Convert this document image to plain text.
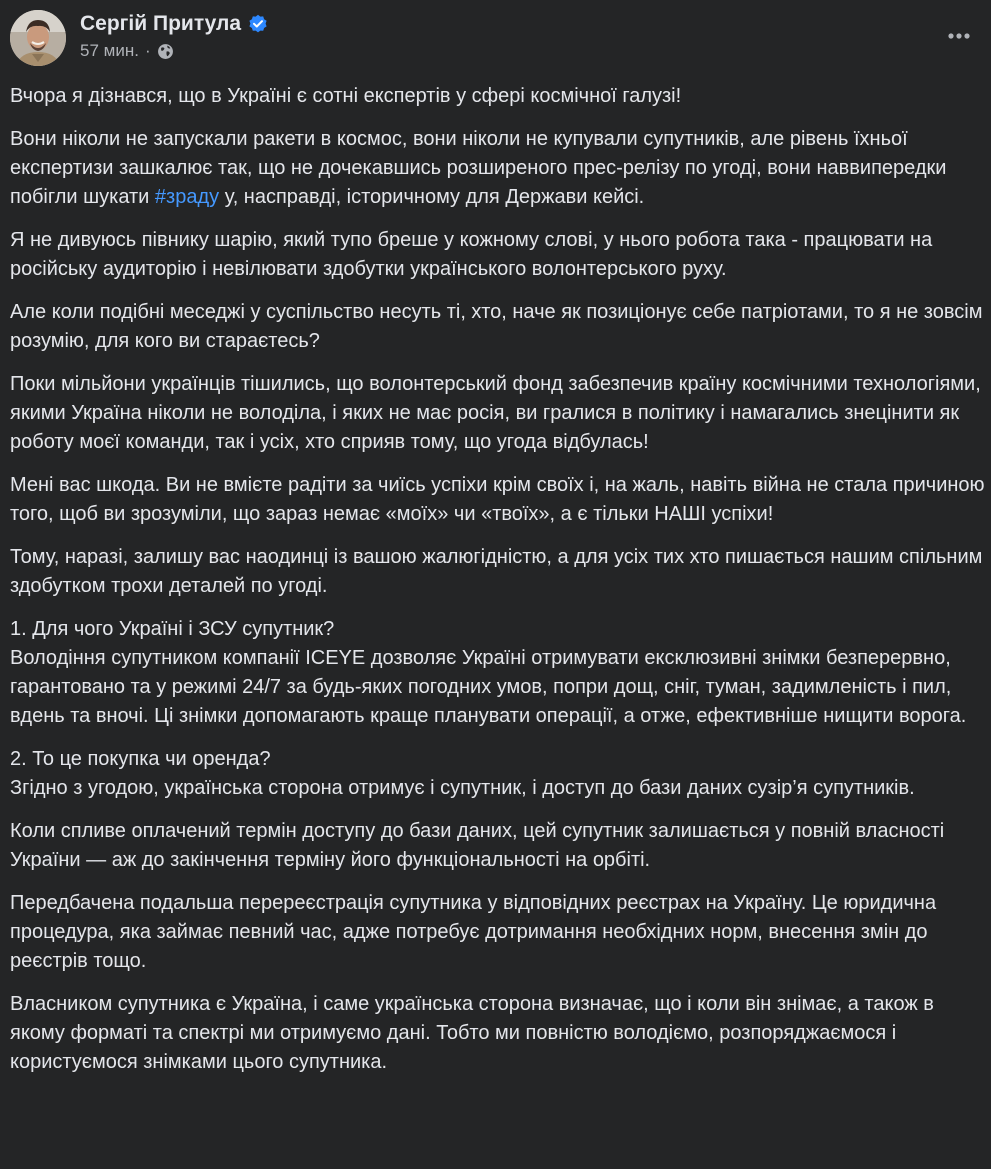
Сергій Притула
57 мин. ·

Вчора я дізнався, що в Україні є сотні експертів у сфері космічної галузі!

Вони ніколи не запускали ракети в космос, вони ніколи не купували супутників, але рівень їхньої експертизи зашкалює так, що не дочекавшись розширеного прес-релізу по угоді, вони наввипередки побігли шукати #зраду у, насправді, історичному для Держави кейсі.

Я не дивуюсь півнику шарію, який тупо бреше у кожному слові, у нього робота така - працювати на російську аудиторію і невілювати здобутки українського волонтерського руху.

Але коли подібні меседжі у суспільство несуть ті, хто, наче як позиціонує себе патріотами, то я не зовсім розумію, для кого ви стараєтесь?

Поки мільйони українців тішились, що волонтерський фонд забезпечив країну космічними технологіями, якими Україна ніколи не володіла, і яких не має росія, ви гралися в політику і намагались знецінити як роботу моєї команди, так і усіх, хто сприяв тому, що угода відбулась!

Мені вас шкода. Ви не вмієте радіти за чиїсь успіхи крім своїх і, на жаль, навіть війна не стала причиною того, щоб ви зрозуміли, що зараз немає «моїх» чи «твоїх», а є тільки НАШІ успіхи!

Тому, наразі, залишу вас наодинці із вашою жалюгідністю, а для усіх тих хто пишається нашим спільним здобутком трохи деталей по угоді.

1. Для чого Україні і ЗСУ супутник?
Володіння супутником компанії ICEYE дозволяє Україні отримувати ексклюзивні знімки безперервно, гарантовано та у режимі 24/7 за будь-яких погодних умов, попри дощ, сніг, туман, задимленість і пил, вдень та вночі. Ці знімки допомагають краще планувати операції, а отже, ефективніше нищити ворога.

2. То це покупка чи оренда?
Згідно з угодою, українська сторона отримує і супутник, і доступ до бази даних сузір’я супутників.

Коли спливе оплачений термін доступу до бази даних, цей супутник залишається у повній власності України — аж до закінчення терміну його функціональності на орбіті.

Передбачена подальша перереєстрація супутника у відповідних реєстрах на Україну. Це юридична процедура, яка займає певний час, адже потребує дотримання необхідних норм, внесення змін до реєстрів тощо.

Власником супутника є Україна, і саме українська сторона визначає, що і коли він знімає, а також в якому форматі та спектрі ми отримуємо дані. Тобто ми повністю володіємо, розпоряджаємося і користуємося знімками цього супутника.
